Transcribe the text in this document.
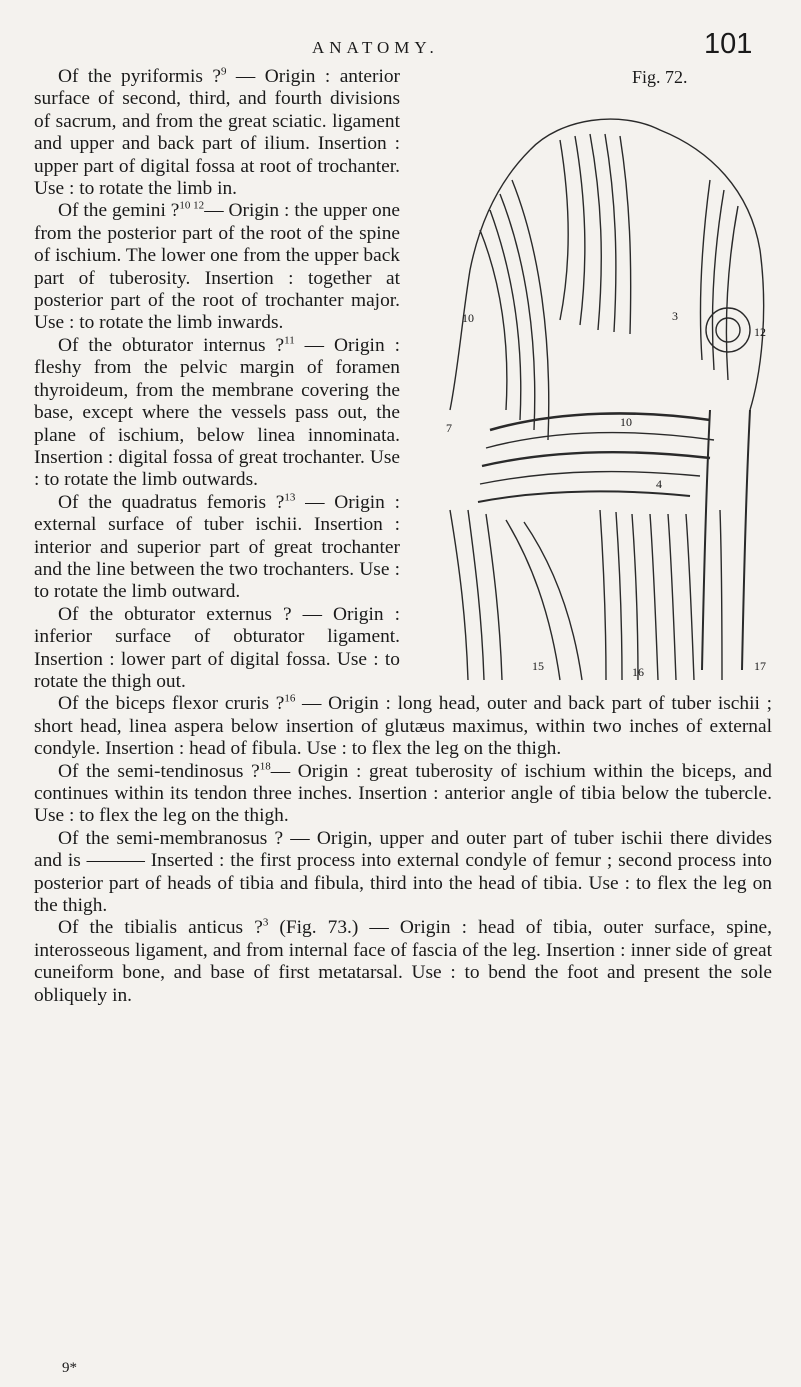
ANATOMY.	101
Fig. 72.
10	3
12
7	10
4
15	16	17

Of the pyriformis ?$^9$ — Origin : anterior surface of second, third, and fourth divisions of sacrum, and from the great sciatic. ligament and upper and back part of ilium. Insertion : upper part of digital fossa at root of trochanter. Use : to rotate the limb in.

Of the gemini ?$^{10 12}$— Origin : the upper one from the posterior part of the root of the spine of ischium. The lower one from the upper back part of tuberosity. Insertion : together at posterior part of the root of trochanter major. Use : to rotate the limb inwards.

Of the obturator internus ?$^{11}$ — Origin : fleshy from the pelvic margin of foramen thyroideum, from the membrane covering the base, except where the vessels pass out, the plane of ischium, below linea innominata. Insertion : digital fossa of great trochanter. Use : to rotate the limb outwards.

Of the quadratus femoris ?$^{13}$ — Origin : external surface of tuber ischii. Insertion : interior and superior part of great trochanter and the line between the two trochanters. Use : to rotate the limb outward.

Of the obturator externus ? — Origin : inferior surface of obturator ligament. Insertion : lower part of digital fossa. Use : to rotate the thigh out.

Of the biceps flexor cruris ?$^{16}$ — Origin : long head, outer and back part of tuber ischii ; short head, linea aspera below insertion of glutæus maximus, within two inches of external condyle. Insertion : head of fibula. Use : to flex the leg on the thigh.

Of the semi-tendinosus ?$^{18}$— Origin : great tuberosity of ischium within the biceps, and continues within its tendon three inches. Insertion : anterior angle of tibia below the tubercle. Use : to flex the leg on the thigh.

Of the semi-membranosus ? — Origin, upper and outer part of tuber ischii there divides and is ——— Inserted : the first process into external condyle of femur ; second process into posterior part of heads of tibia and fibula, third into the head of tibia. Use : to flex the leg on the thigh.

Of the tibialis anticus ?$^3$ (Fig. 73.) — Origin : head of tibia, outer surface, spine, interosseous ligament, and from internal face of fascia of the leg. Insertion : inner side of great cuneiform bone, and base of first metatarsal. Use : to bend the foot and present the sole obliquely in.

9*
